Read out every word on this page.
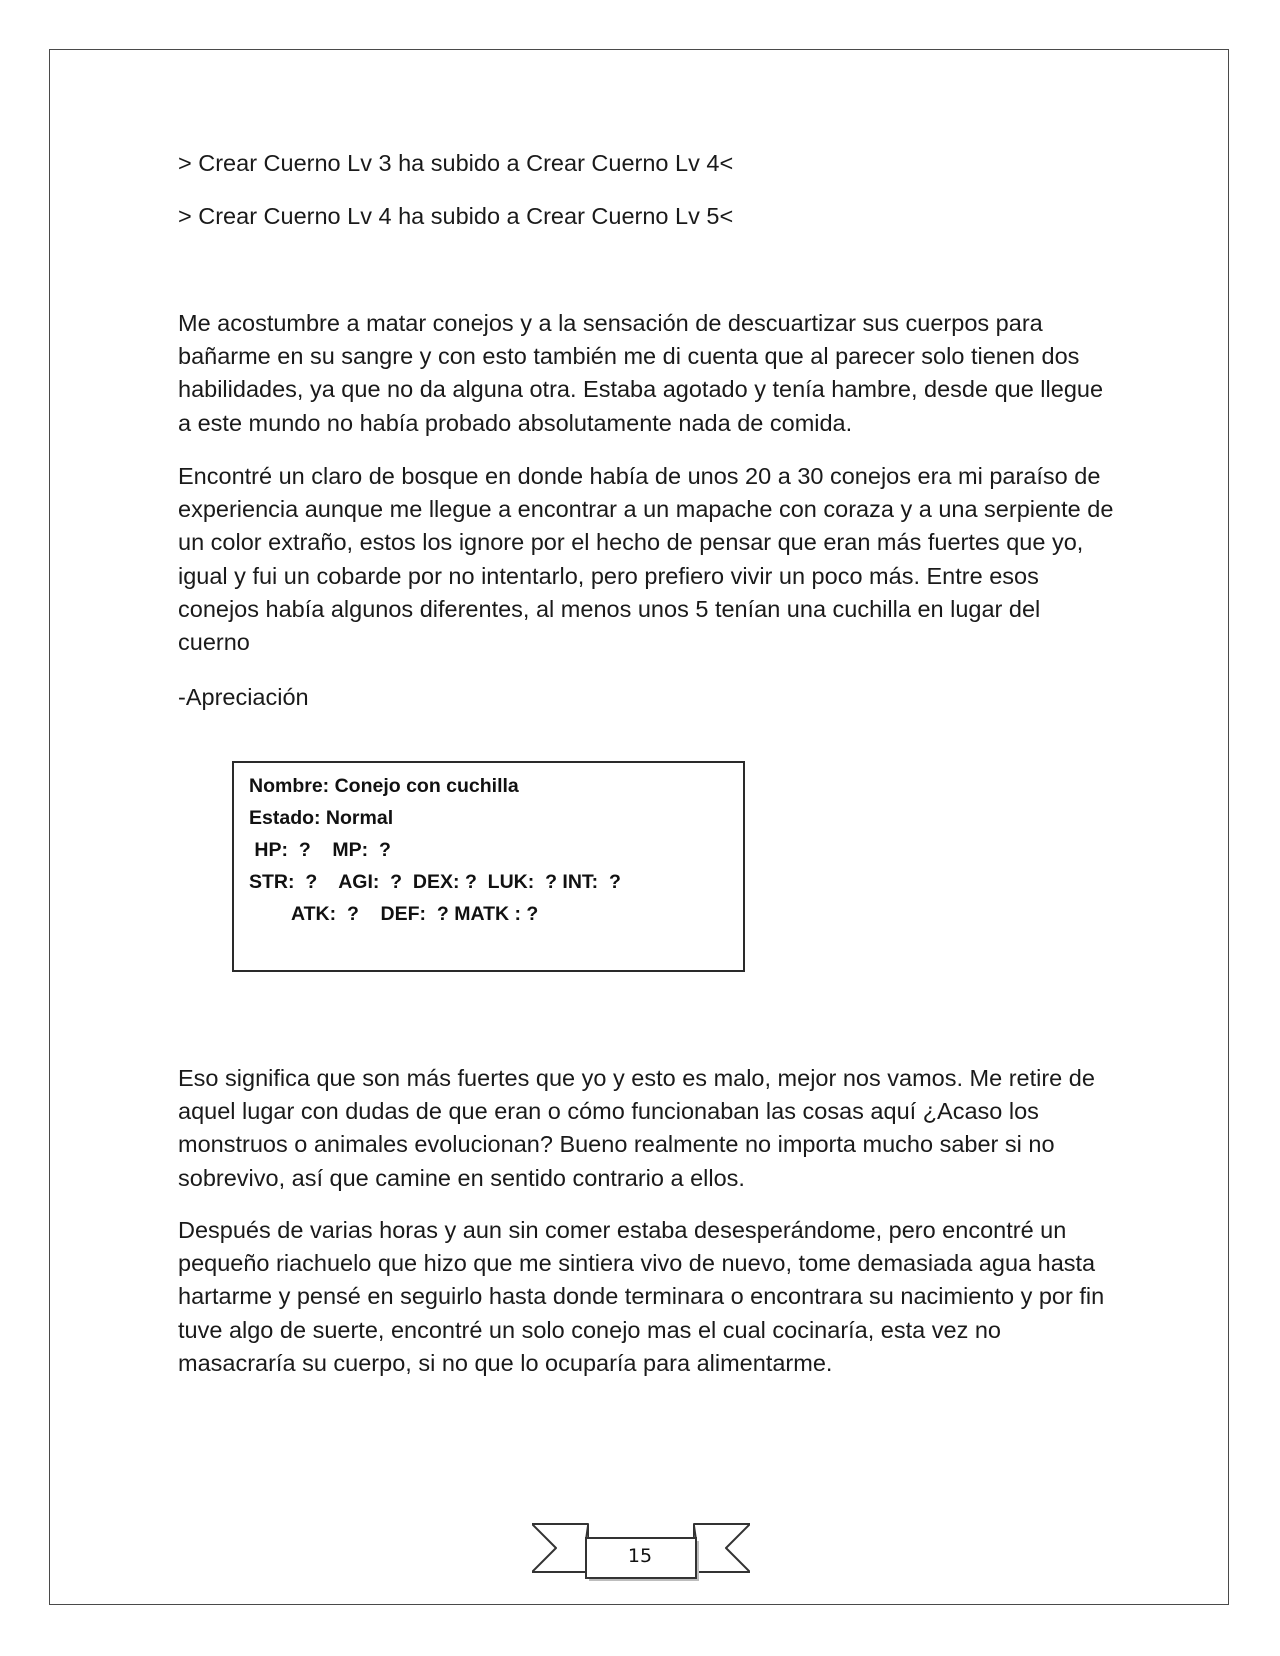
> Crear Cuerno Lv 3 ha subido a Crear Cuerno Lv 4<

> Crear Cuerno Lv 4 ha subido a Crear Cuerno Lv 5<

Me acostumbre a matar conejos y a la sensación de descuartizar sus cuerpos para bañarme en su sangre y con esto también me di cuenta que al parecer solo tienen dos habilidades, ya que no da alguna otra. Estaba agotado y tenía hambre, desde que llegue a este mundo no había probado absolutamente nada de comida.

Encontré un claro de bosque en donde había de unos 20 a 30 conejos era mi paraíso de experiencia aunque me llegue a encontrar a un mapache con coraza y a una serpiente de un color extraño, estos los ignore por el hecho de pensar que eran más fuertes que yo, igual y fui un cobarde por no intentarlo, pero prefiero vivir un poco más. Entre esos conejos había algunos diferentes, al menos unos 5 tenían una cuchilla en lugar del cuerno

-Apreciación

Nombre: Conejo con cuchilla
Estado: Normal
HP:  ?    MP:  ?
STR:  ?    AGI:  ?  DEX: ?  LUK:  ? INT:  ?
ATK:  ?    DEF:  ? MATK : ?

Eso significa que son más fuertes que yo y esto es malo, mejor nos vamos. Me retire de aquel lugar con dudas de que eran o cómo funcionaban las cosas aquí ¿Acaso los monstruos o animales evolucionan? Bueno realmente no importa mucho saber si no sobrevivo, así que camine en sentido contrario a ellos.

Después de varias horas y aun sin comer estaba desesperándome, pero encontré un pequeño riachuelo que hizo que me sintiera vivo de nuevo, tome demasiada agua hasta hartarme y pensé en seguirlo hasta donde terminara o encontrara su nacimiento y por fin tuve algo de suerte, encontré un solo conejo mas el cual cocinaría, esta vez no masacraría su cuerpo, si no que lo ocuparía para alimentarme.

15
